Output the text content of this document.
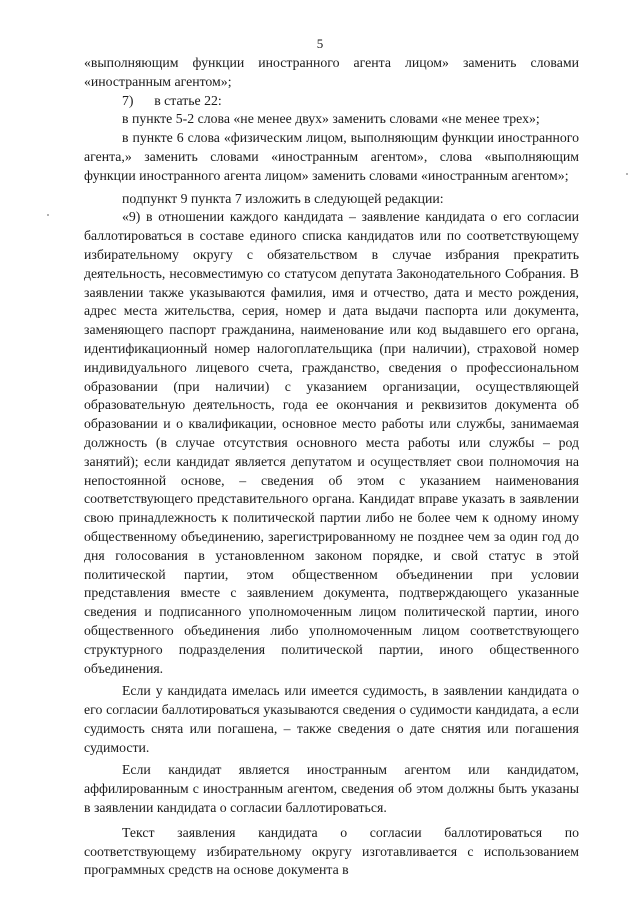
5

«выполняющим функции иностранного агента лицом» заменить словами «иностранным агентом»;

7)      в статье 22:

в пункте 5-2 слова «не менее двух» заменить словами «не менее трех»;

в пункте 6 слова «физическим лицом, выполняющим функции иностранного агента,» заменить словами «иностранным агентом», слова «выполняющим функции иностранного агента лицом» заменить словами «иностранным агентом»;

подпункт 9 пункта 7 изложить в следующей редакции:

«9) в отношении каждого кандидата – заявление кандидата о его согласии баллотироваться в составе единого списка кандидатов или по соответствующему избирательному округу с обязательством в случае избрания прекратить деятельность, несовместимую со статусом депутата Законодательного Собрания. В заявлении также указываются фамилия, имя и отчество, дата и место рождения, адрес места жительства, серия, номер и дата выдачи паспорта или документа, заменяющего паспорт гражданина, наименование или код выдавшего его органа, идентификационный номер налогоплательщика (при наличии), страховой номер индивидуального лицевого счета, гражданство, сведения о профессиональном образовании (при наличии) с указанием организации, осуществляющей образовательную деятельность, года ее окончания и реквизитов документа об образовании и о квалификации, основное место работы или службы, занимаемая должность (в случае отсутствия основного места работы или службы – род занятий); если кандидат является депутатом и осуществляет свои полномочия на непостоянной основе, – сведения об этом с указанием наименования соответствующего представительного органа. Кандидат вправе указать в заявлении свою принадлежность к политической партии либо не более чем к одному иному общественному объединению, зарегистрированному не позднее чем за один год до дня голосования в установленном законом порядке, и свой статус в этой политической партии, этом общественном объединении при условии представления вместе с заявлением документа, подтверждающего указанные сведения и подписанного уполномоченным лицом политической партии, иного общественного объединения либо уполномоченным лицом соответствующего структурного подразделения политической партии, иного общественного объединения.

Если у кандидата имелась или имеется судимость, в заявлении кандидата о его согласии баллотироваться указываются сведения о судимости кандидата, а если судимость снята или погашена, – также сведения о дате снятия или погашения судимости.

Если кандидат является иностранным агентом или кандидатом, аффилированным с иностранным агентом, сведения об этом должны быть указаны в заявлении кандидата о согласии баллотироваться.

Текст заявления кандидата о согласии баллотироваться по соответствующему избирательному округу изготавливается с использованием программных средств на основе документа в
